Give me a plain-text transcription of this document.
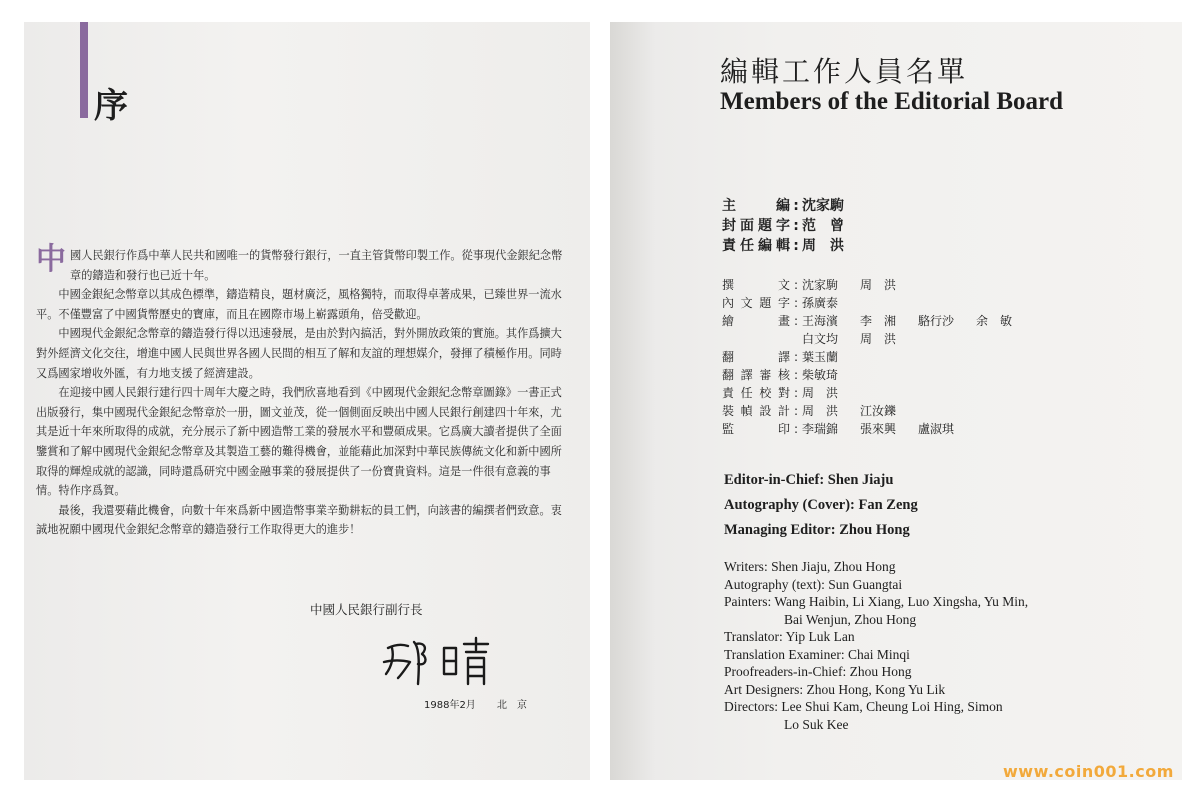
序

中國人民銀行作爲中華人民共和國唯一的貨幣發行銀行，一直主管貨幣印製工作。從事現代金銀紀念幣章的鑄造和發行也已近十年。

中國金銀紀念幣章以其成色標準，鑄造精良，題材廣泛，風格獨特，而取得卓著成果，已臻世界一流水平。不僅豐富了中國貨幣歷史的寶庫，而且在國際市場上嶄露頭角，倍受歡迎。

中國現代金銀紀念幣章的鑄造發行得以迅速發展，是由於對內搞活，對外開放政策的實施。其作爲擴大對外經濟文化交往，增進中國人民與世界各國人民間的相互了解和友誼的理想媒介，發揮了積極作用。同時又爲國家增收外匯，有力地支援了經濟建設。

在迎接中國人民銀行建行四十周年大慶之時，我們欣喜地看到《中國現代金銀紀念幣章圖錄》一書正式出版發行，集中國現代金銀紀念幣章於一册，圖文並茂，從一個側面反映出中國人民銀行創建四十年來，尤其是近十年來所取得的成就，充分展示了新中國造幣工業的發展水平和豐碩成果。它爲廣大讀者提供了全面鑒賞和了解中國現代金銀紀念幣章及其製造工藝的難得機會，並能藉此加深對中華民族傳統文化和新中國所取得的輝煌成就的認識，同時還爲研究中國金融事業的發展提供了一份寶貴資料。這是一件很有意義的事情。特作序爲賀。

最後，我還要藉此機會，向數十年來爲新中國造幣事業辛勤耕耘的員工們，向該書的編撰者們致意。衷誠地祝願中國現代金銀紀念幣章的鑄造發行工作取得更大的進步！

中國人民銀行副行長
1988年2月 北　京
編輯工作人員名單
Members of the Editorial Board
主　編 : 沈家駒
封面題字 : 范　曾
責任編輯 : 周　洪
撰　文 : 沈家駒 周　洪
內文題字 : 孫廣泰
繪　畫 : 王海濱 李　湘 駱行沙 余　敏
白文均 周　洪
翻　譯 : 葉玉蘭
翻譯審核 : 柴敏琦
責任校對 : 周　洪
裝幀設計 : 周　洪 江汝鑠
監　印 : 李瑞錦 張來興 盧淑琪
Editor-in-Chief: Shen Jiaju
Autography (Cover): Fan Zeng
Managing Editor: Zhou Hong
Writers: Shen Jiaju, Zhou Hong
Autography (text): Sun Guangtai
Painters: Wang Haibin, Li Xiang, Luo Xingsha, Yu Min,
Bai Wenjun, Zhou Hong
Translator: Yip Luk Lan
Translation Examiner: Chai Minqi
Proofreaders-in-Chief: Zhou Hong
Art Designers: Zhou Hong, Kong Yu Lik
Directors: Lee Shui Kam, Cheung Loi Hing, Simon
Lo Suk Kee
www.coin001.com
